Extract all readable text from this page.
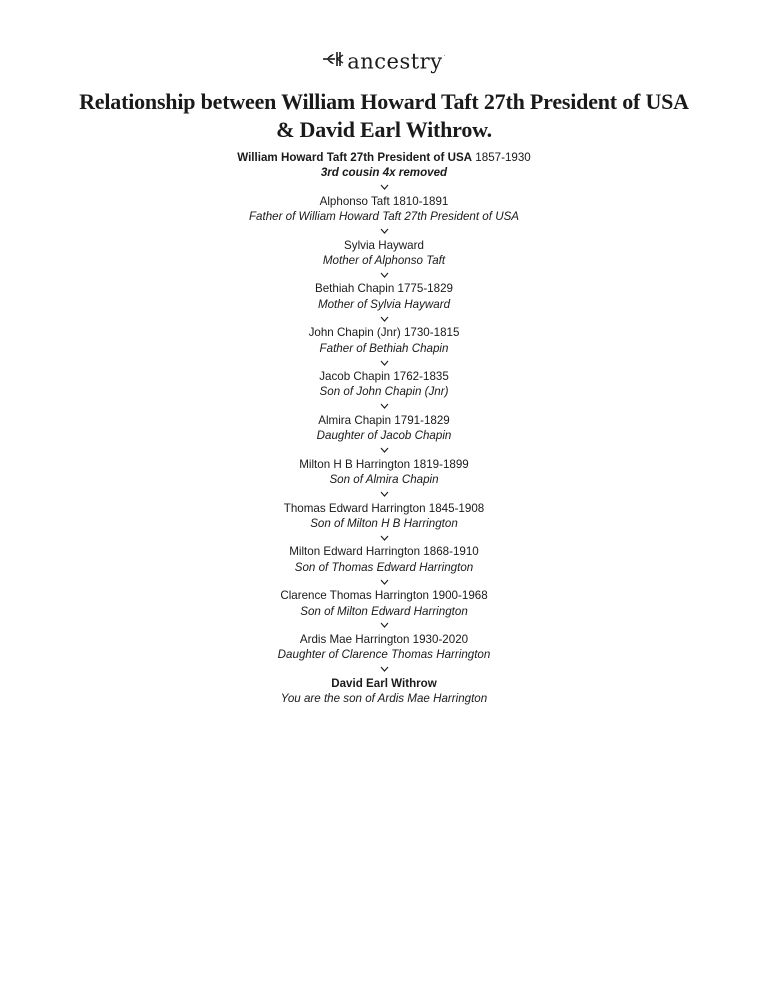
ancestry.
Relationship between William Howard Taft 27th President of USA
& David Earl Withrow.
William Howard Taft 27th President of USA 1857-1930
3rd cousin 4x removed
Alphonso Taft 1810-1891
Father of William Howard Taft 27th President of USA
Sylvia Hayward
Mother of Alphonso Taft
Bethiah Chapin 1775-1829
Mother of Sylvia Hayward
John Chapin (Jnr) 1730-1815
Father of Bethiah Chapin
Jacob Chapin 1762-1835
Son of John Chapin (Jnr)
Almira Chapin 1791-1829
Daughter of Jacob Chapin
Milton H B Harrington 1819-1899
Son of Almira Chapin
Thomas Edward Harrington 1845-1908
Son of Milton H B Harrington
Milton Edward Harrington 1868-1910
Son of Thomas Edward Harrington
Clarence Thomas Harrington 1900-1968
Son of Milton Edward Harrington
Ardis Mae Harrington 1930-2020
Daughter of Clarence Thomas Harrington
David Earl Withrow
You are the son of Ardis Mae Harrington
